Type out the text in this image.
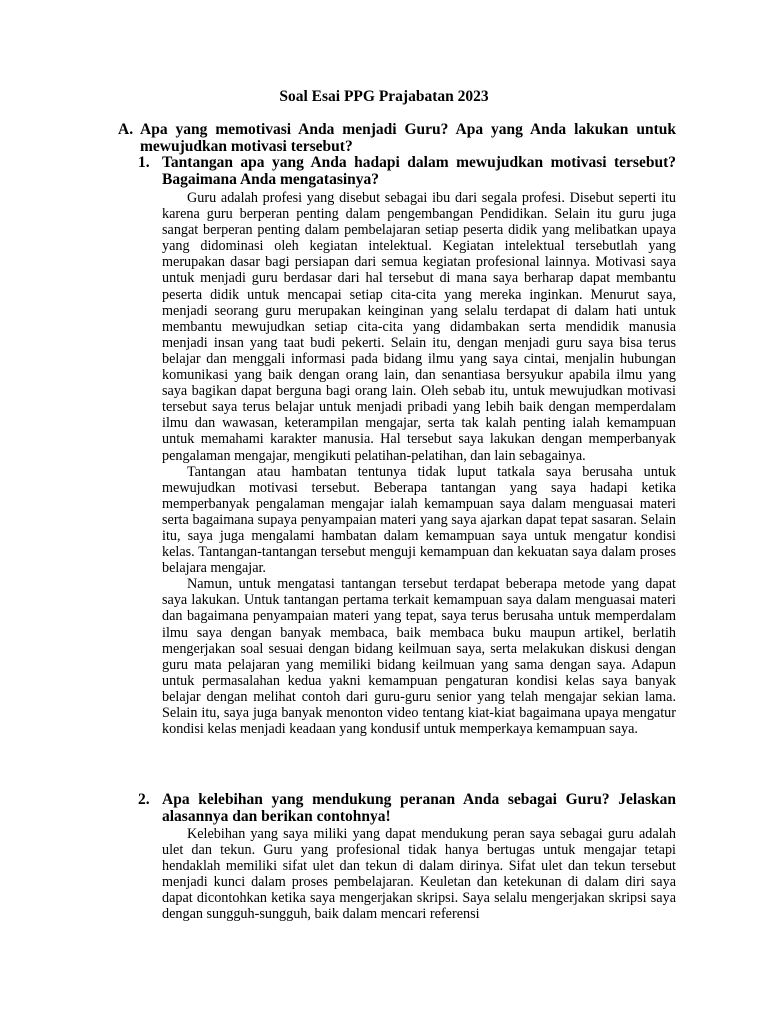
Soal Esai PPG Prajabatan 2023
A. Apa yang memotivasi Anda menjadi Guru? Apa yang Anda lakukan untuk mewujudkan motivasi tersebut?
1. Tantangan apa yang Anda hadapi dalam mewujudkan motivasi tersebut? Bagaimana Anda mengatasinya?

Guru adalah profesi yang disebut sebagai ibu dari segala profesi. Disebut seperti itu karena guru berperan penting dalam pengembangan Pendidikan. Selain itu guru juga sangat berperan penting dalam pembelajaran setiap peserta didik yang melibatkan upaya yang didominasi oleh kegiatan intelektual. Kegiatan intelektual tersebutlah yang merupakan dasar bagi persiapan dari semua kegiatan profesional lainnya. Motivasi saya untuk menjadi guru berdasar dari hal tersebut di mana saya berharap dapat membantu peserta didik untuk mencapai setiap cita-cita yang mereka inginkan. Menurut saya, menjadi seorang guru merupakan keinginan yang selalu terdapat di dalam hati untuk membantu mewujudkan setiap cita-cita yang didambakan serta mendidik manusia menjadi insan yang taat budi pekerti. Selain itu, dengan menjadi guru saya bisa terus belajar dan menggali informasi pada bidang ilmu yang saya cintai, menjalin hubungan komunikasi yang baik dengan orang lain, dan senantiasa bersyukur apabila ilmu yang saya bagikan dapat berguna bagi orang lain. Oleh sebab itu, untuk mewujudkan motivasi tersebut saya terus belajar untuk menjadi pribadi yang lebih baik dengan memperdalam ilmu dan wawasan, keterampilan mengajar, serta tak kalah penting ialah kemampuan untuk memahami karakter manusia. Hal tersebut saya lakukan dengan memperbanyak pengalaman mengajar, mengikuti pelatihan-pelatihan, dan lain sebagainya.

Tantangan atau hambatan tentunya tidak luput tatkala saya berusaha untuk mewujudkan motivasi tersebut. Beberapa tantangan yang saya hadapi ketika memperbanyak pengalaman mengajar ialah kemampuan saya dalam menguasai materi serta bagaimana supaya penyampaian materi yang saya ajarkan dapat tepat sasaran. Selain itu, saya juga mengalami hambatan dalam kemampuan saya untuk mengatur kondisi kelas. Tantangan-tantangan tersebut menguji kemampuan dan kekuatan saya dalam proses belajara mengajar.

Namun, untuk mengatasi tantangan tersebut terdapat beberapa metode yang dapat saya lakukan. Untuk tantangan pertama terkait kemampuan saya dalam menguasai materi dan bagaimana penyampaian materi yang tepat, saya terus berusaha untuk memperdalam ilmu saya dengan banyak membaca, baik membaca buku maupun artikel, berlatih mengerjakan soal sesuai dengan bidang keilmuan saya, serta melakukan diskusi dengan guru mata pelajaran yang memiliki bidang keilmuan yang sama dengan saya. Adapun untuk permasalahan kedua yakni kemampuan pengaturan kondisi kelas saya banyak belajar dengan melihat contoh dari guru-guru senior yang telah mengajar sekian lama. Selain itu, saya juga banyak menonton video tentang kiat-kiat bagaimana upaya mengatur kondisi kelas menjadi keadaan yang kondusif untuk memperkaya kemampuan saya.

2. Apa kelebihan yang mendukung peranan Anda sebagai Guru? Jelaskan alasannya dan berikan contohnya!

Kelebihan yang saya miliki yang dapat mendukung peran saya sebagai guru adalah ulet dan tekun. Guru yang profesional tidak hanya bertugas untuk mengajar tetapi hendaklah memiliki sifat ulet dan tekun di dalam dirinya. Sifat ulet dan tekun tersebut menjadi kunci dalam proses pembelajaran. Keuletan dan ketekunan di dalam diri saya dapat dicontohkan ketika saya mengerjakan skripsi. Saya selalu mengerjakan skripsi saya dengan sungguh-sungguh, baik dalam mencari referensi
